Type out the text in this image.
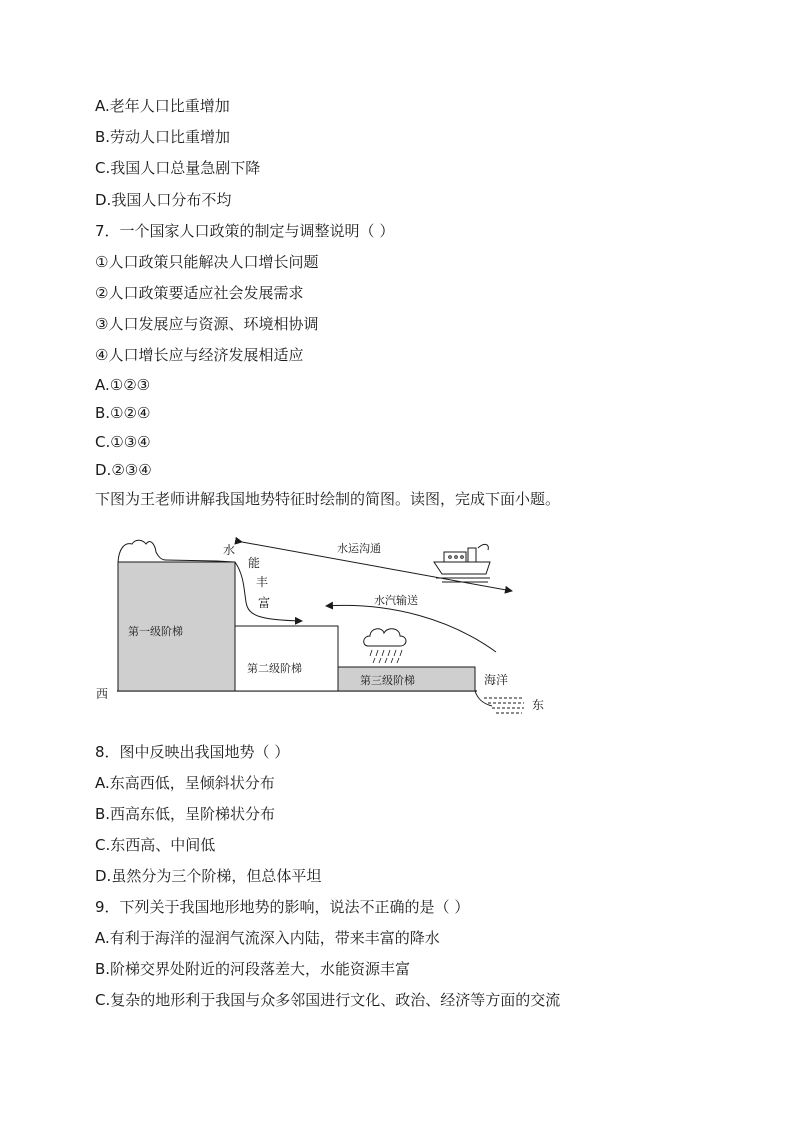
A.老年人口比重增加
B.劳动人口比重增加
C.我国人口总量急剧下降
D.我国人口分布不均
7．一个国家人口政策的制定与调整说明（ ）
①人口政策只能解决人口增长问题
②人口政策要适应社会发展需求
③人口发展应与资源、环境相协调
④人口增长应与经济发展相适应
A.①②③
B.①②④
C.①③④
D.②③④
下图为王老师讲解我国地势特征时绘制的简图。读图，完成下面小题。
第一级阶梯
第二级阶梯
第三级阶梯
水
能
丰
富
水运沟通
水汽输送
海洋
西
东
8．图中反映出我国地势（ ）
A.东高西低，呈倾斜状分布
B.西高东低，呈阶梯状分布
C.东西高、中间低
D.虽然分为三个阶梯，但总体平坦
9．下列关于我国地形地势的影响，说法不正确的是（ ）
A.有利于海洋的湿润气流深入内陆，带来丰富的降水
B.阶梯交界处附近的河段落差大，水能资源丰富
C.复杂的地形利于我国与众多邻国进行文化、政治、经济等方面的交流
